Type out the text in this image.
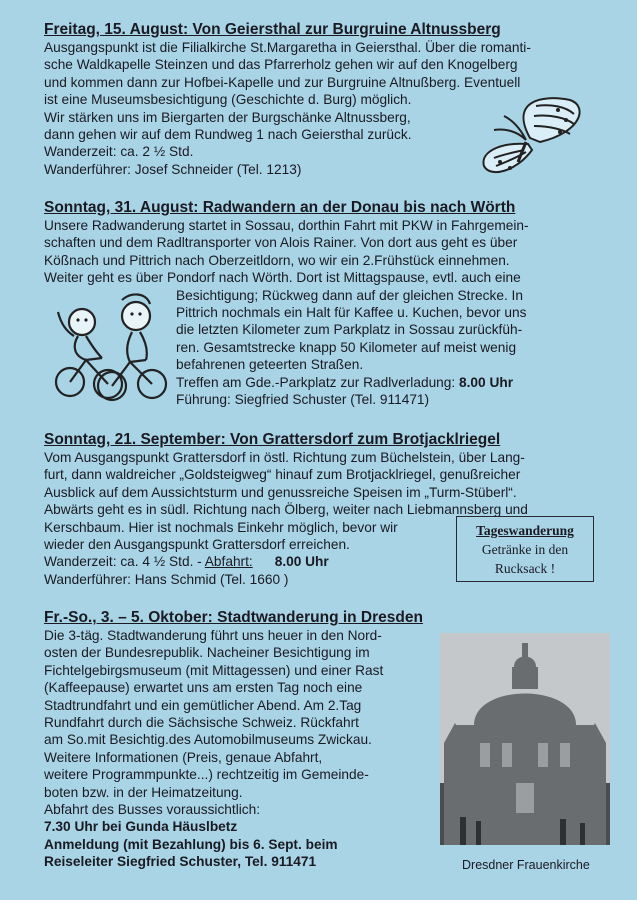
Freitag, 15. August: Von Geiersthal zur Burgruine Altnussberg

Ausgangspunkt ist die Filialkirche St.Margaretha in Geiersthal. Über die romanti-
sche Waldkapelle Steinzen und das Pfarrerholz gehen wir auf den Knogelberg
und kommen dann zur Hofbei-Kapelle und zur Burgruine Altnußberg. Eventuell
ist eine Museumsbesichtigung (Geschichte d. Burg) möglich.
Wir stärken uns im Biergarten der Burgschänke Altnussberg,
dann gehen wir auf dem Rundweg 1 nach Geiersthal zurück.
Wanderzeit: ca. 2 ½ Std.
Wanderführer: Josef Schneider (Tel. 1213)

Sonntag, 31. August: Radwandern an der Donau bis nach Wörth

Unsere Radwanderung startet in Sossau, dorthin Fahrt mit PKW in Fahrgemein-
schaften und dem Radltransporter von Alois Rainer. Von dort aus geht es über
Kößnach und Pittrich nach Oberzeitldorn, wo wir ein 2.Frühstück einnehmen.
Weiter geht es über Pondorf nach Wörth. Dort ist Mittagspause, evtl. auch eine
Besichtigung; Rückweg dann auf der gleichen Strecke. In
Pittrich nochmals ein Halt für Kaffee u. Kuchen, bevor uns
die letzten Kilometer zum Parkplatz in Sossau zurückfüh-
ren. Gesamtstrecke knapp 50 Kilometer auf meist wenig
befahrenen geteerten Straßen.
Treffen am Gde.-Parkplatz zur Radlverladung: 8.00 Uhr
Führung: Siegfried Schuster (Tel. 911471)

Sonntag, 21. September: Von Grattersdorf zum Brotjacklriegel

Vom Ausgangspunkt Grattersdorf in östl. Richtung zum Büchelstein, über Lang-
furt, dann waldreicher „Goldsteigweg“ hinauf zum Brotjacklriegel, genußreicher
Ausblick auf dem Aussichtsturm und genussreiche Speisen im „Turm-Stüberl“.
Abwärts geht es in südl. Richtung nach Ölberg, weiter nach Liebmannsberg und
Kerschbaum. Hier ist nochmals Einkehr möglich, bevor wir
wieder den Ausgangspunkt Grattersdorf erreichen.
Wanderzeit: ca. 4 ½ Std. - Abfahrt: 8.00 Uhr
Wanderführer: Hans Schmid (Tel. 1660 )

Tageswanderung
Getränke in den
Rucksack !

Fr.-So., 3. – 5. Oktober: Stadtwanderung in Dresden

Die 3-täg. Stadtwanderung führt uns heuer in den Nord-
osten der Bundesrepublik. Nacheiner Besichtigung im
Fichtelgebirgsmuseum (mit Mittagessen) und einer Rast
(Kaffeepause) erwartet uns am ersten Tag noch eine
Stadtrundfahrt und ein gemütlicher Abend. Am 2.Tag
Rundfahrt durch die Sächsische Schweiz. Rückfahrt
am So.mit Besichtig.des Automobilmuseums Zwickau.
Weitere Informationen (Preis, genaue Abfahrt,
weitere Programmpunkte...) rechtzeitig im Gemeinde-
boten bzw. in der Heimatzeitung.
Abfahrt des Busses voraussichtlich:
7.30 Uhr bei Gunda Häuslbetz
Anmeldung (mit Bezahlung) bis 6. Sept. beim
Reiseleiter Siegfried Schuster, Tel. 911471	Dresdner Frauenkirche
